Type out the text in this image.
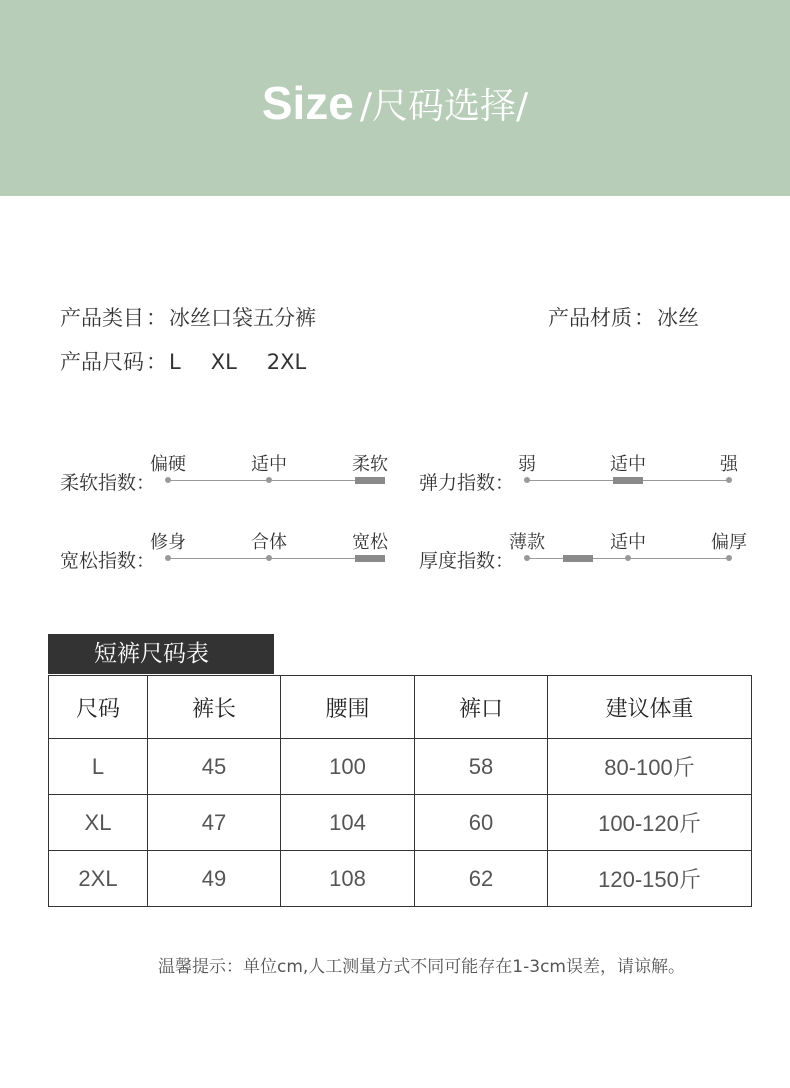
Size /尺码选择/
产品类目：冰丝口袋五分裤	产品材质：冰丝
产品尺码：L XL 2XL
柔软指数：
偏硬	适中	柔软
弹力指数：
弱	适中	强
宽松指数：
修身	合体	宽松
厚度指数：
薄款	适中	偏厚
短裤尺码表
尺码	裤长	腰围	裤口	建议体重
L	45	100	58	80-100斤
XL	47	104	60	100-120斤
2XL	49	108	62	120-150斤
温馨提示：单位cm,人工测量方式不同可能存在1-3cm误差，请谅解。
